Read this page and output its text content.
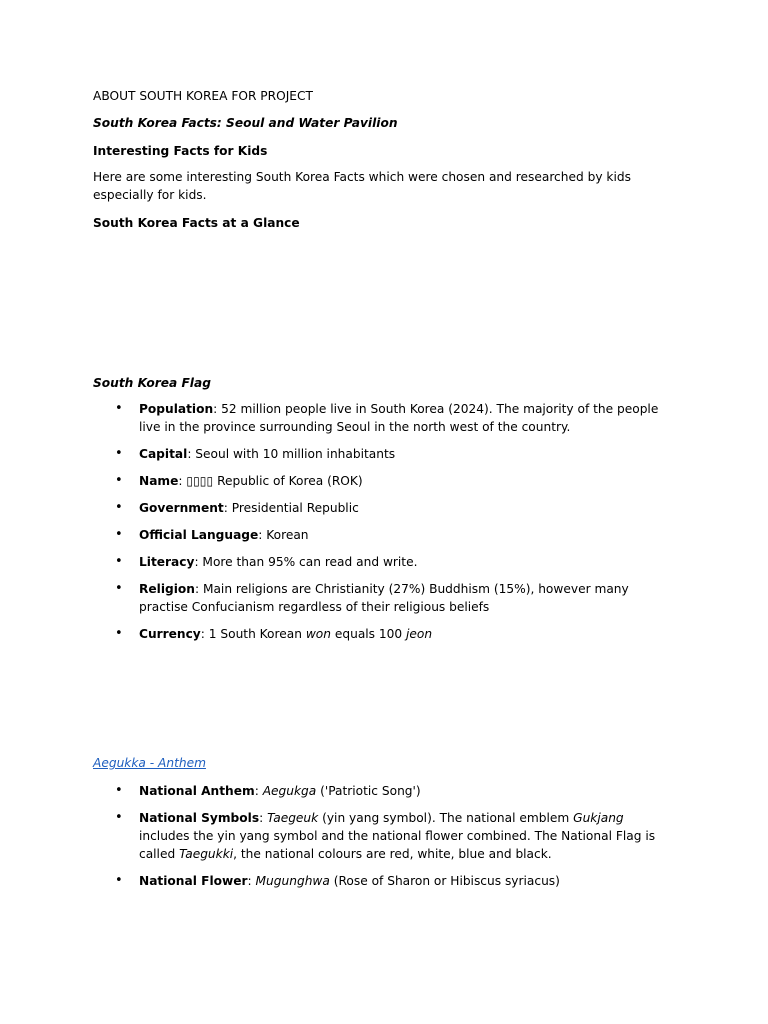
ABOUT SOUTH KOREA FOR PROJECT

South Korea Facts: Seoul and Water Pavilion

Interesting Facts for Kids

Here are some interesting South Korea Facts which were chosen and researched by kids especially for kids.

South Korea Facts at a Glance

South Korea Flag

• Population: 52 million people live in South Korea (2024). The majority of the people live in the province surrounding Seoul in the north west of the country.
• Capital: Seoul with 10 million inhabitants
• Name: ▯▯▯▯ Republic of Korea (ROK)
• Government: Presidential Republic
• Official Language: Korean
• Literacy: More than 95% can read and write.
• Religion: Main religions are Christianity (27%) Buddhism (15%), however many practise Confucianism regardless of their religious beliefs
• Currency: 1 South Korean won equals 100 jeon

Aegukka - Anthem

• National Anthem: Aegukga ('Patriotic Song')
• National Symbols: Taegeuk (yin yang symbol). The national emblem Gukjang includes the yin yang symbol and the national flower combined. The National Flag is called Taegukki, the national colours are red, white, blue and black.
• National Flower: Mugunghwa (Rose of Sharon or Hibiscus syriacus)
